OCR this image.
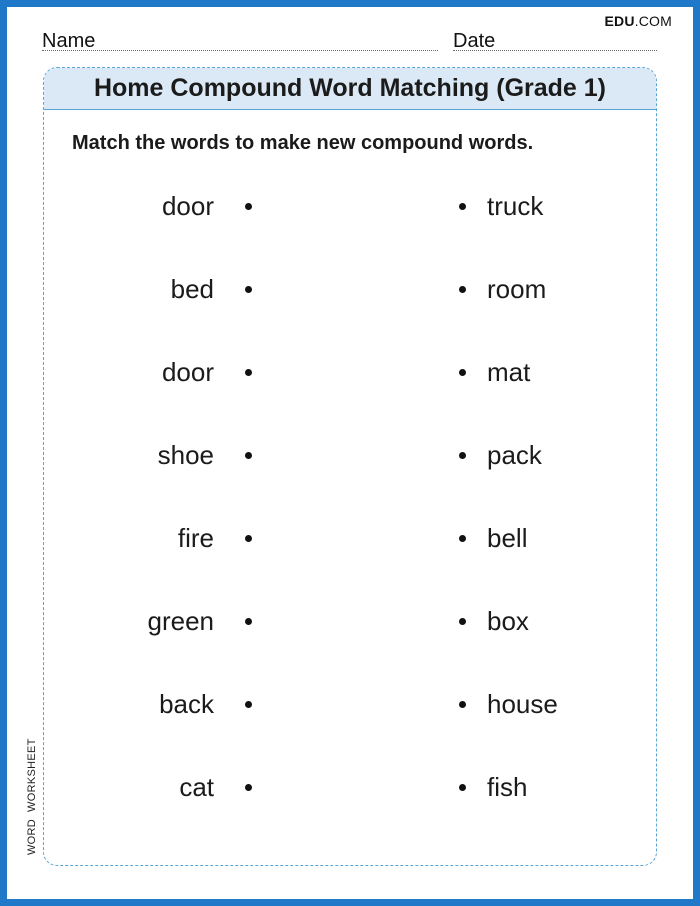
EDU.COM
Name	Date
Home Compound Word Matching (Grade 1)
Match the words to make new compound words.
door	truck
bed	room
door	mat
shoe	pack
fire	bell
green	box
back	house
cat	fish
WORDWORKSHEET
